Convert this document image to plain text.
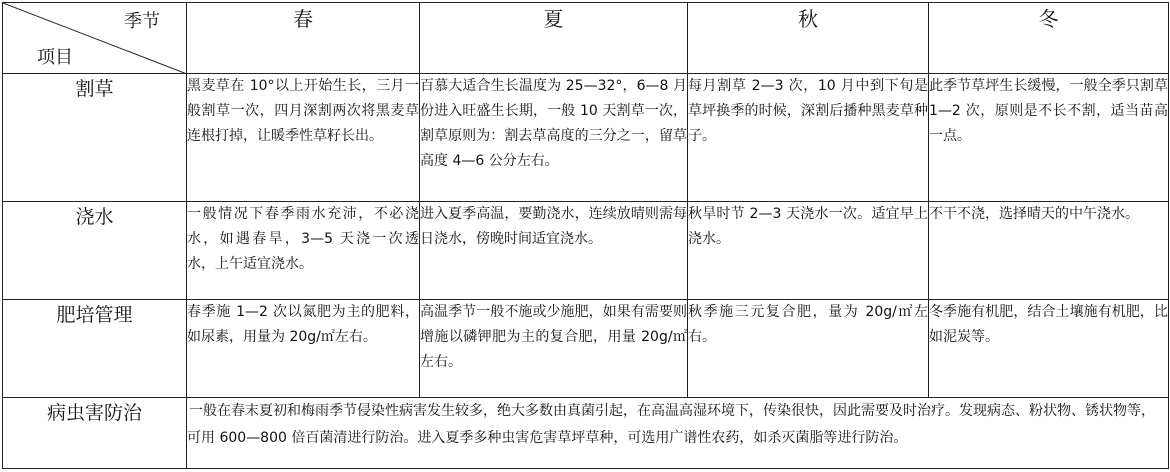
季节
项目	春	夏	秋	冬
割草	黑麦草在 10°以上开始生长，三月一般割草一次，四月深割两次将黑麦草连根打掉，让暖季性草籽长出。	百慕大适合生长温度为 25—32°，6—8 月份进入旺盛生长期，一般 10 天割草一次，割草原则为：割去草高度的三分之一，留草高度 4—6 公分左右。	每月割草 2—3 次，10 月中到下旬是草坪换季的时候，深割后播种黑麦草种子。	此季节草坪生长缓慢，一般全季只割草 1—2 次，原则是不长不割，适当苗高一点。
浇水	一般情况下春季雨水充沛，不必浇水，如遇春旱，3—5 天浇一次透水，上午适宜浇水。	进入夏季高温，要勤浇水，连续放晴则需每日浇水，傍晚时间适宜浇水。	秋旱时节 2—3 天浇水一次。适宜早上浇水。	不干不浇，选择晴天的中午浇水。
肥培管理	春季施 1—2 次以氮肥为主的肥料，如尿素，用量为 20g/㎡左右。	高温季节一般不施或少施肥，如果有需要则增施以磷钾肥为主的复合肥，用量 20g/㎡左右。	秋季施三元复合肥，量为 20g/㎡左右。	冬季施有机肥，结合土壤施有机肥，比如泥炭等。
病虫害防治	一般在春末夏初和梅雨季节侵染性病害发生较多，绝大多数由真菌引起，在高温高湿环境下，传染很快，因此需要及时治疗。发现病态、粉状物、锈状物等，可用 600—800 倍百菌清进行防治。进入夏季多种虫害危害草坪草种，可选用广谱性农药，如杀灭菌脂等进行防治。			
